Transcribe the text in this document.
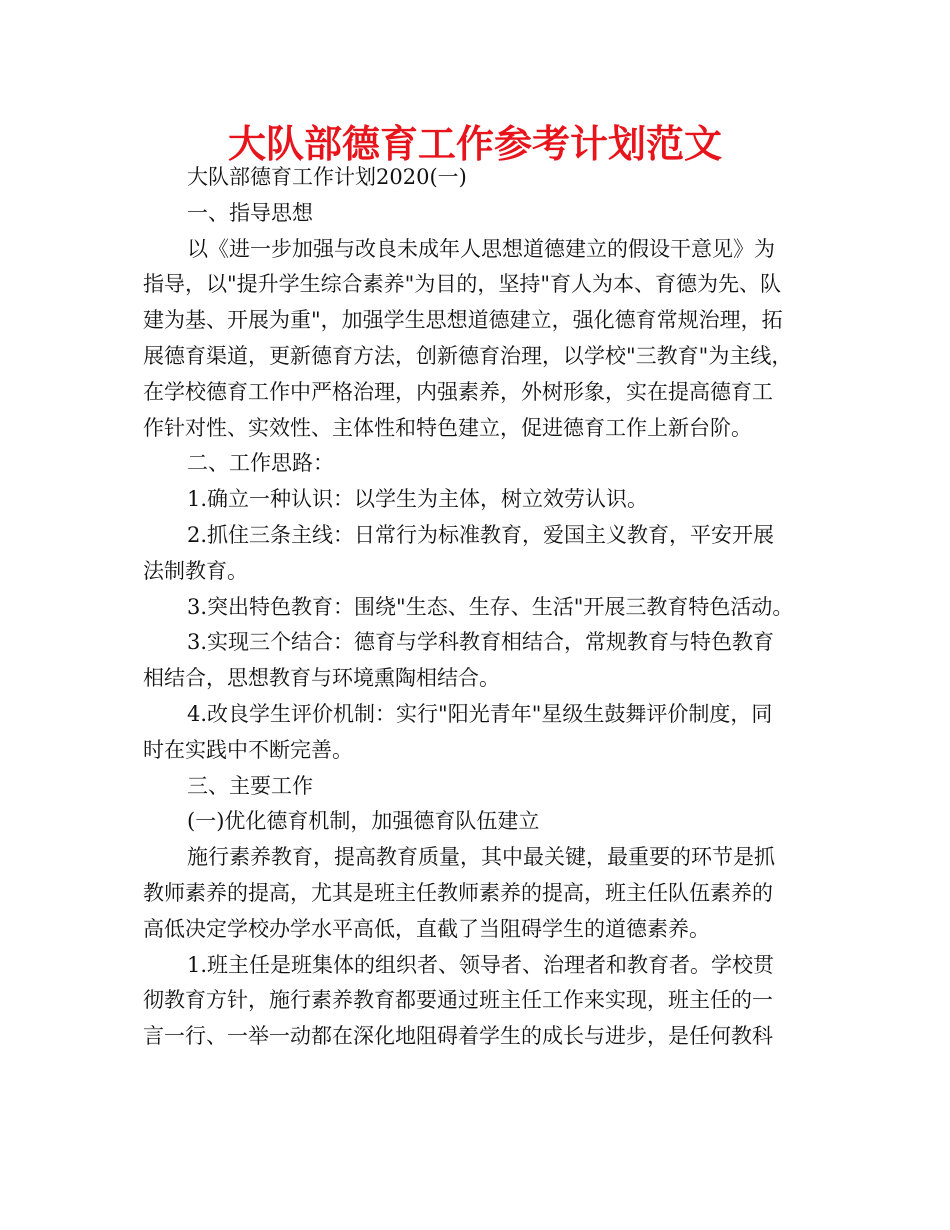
大队部德育工作参考计划范文
大队部德育工作计划2020(一)
一、指导思想
以《进一步加强与改良未成年人思想道德建立的假设干意见》为
指导，以"提升学生综合素养"为目的，坚持"育人为本、育德为先、队
建为基、开展为重"，加强学生思想道德建立，强化德育常规治理，拓
展德育渠道，更新德育方法，创新德育治理，以学校"三教育"为主线，
在学校德育工作中严格治理，内强素养，外树形象，实在提高德育工
作针对性、实效性、主体性和特色建立，促进德育工作上新台阶。
二、工作思路：
1.确立一种认识：以学生为主体，树立效劳认识。
2.抓住三条主线：日常行为标准教育，爱国主义教育，平安开展
法制教育。
3.突出特色教育：围绕"生态、生存、生活"开展三教育特色活动。
3.实现三个结合：德育与学科教育相结合，常规教育与特色教育
相结合，思想教育与环境熏陶相结合。
4.改良学生评价机制：实行"阳光青年"星级生鼓舞评价制度，同
时在实践中不断完善。
三、主要工作
(一)优化德育机制，加强德育队伍建立
施行素养教育，提高教育质量，其中最关键，最重要的环节是抓
教师素养的提高，尤其是班主任教师素养的提高，班主任队伍素养的
高低决定学校办学水平高低，直截了当阻碍学生的道德素养。
1.班主任是班集体的组织者、领导者、治理者和教育者。学校贯
彻教育方针，施行素养教育都要通过班主任工作来实现，班主任的一
言一行、一举一动都在深化地阻碍着学生的成长与进步，是任何教科
